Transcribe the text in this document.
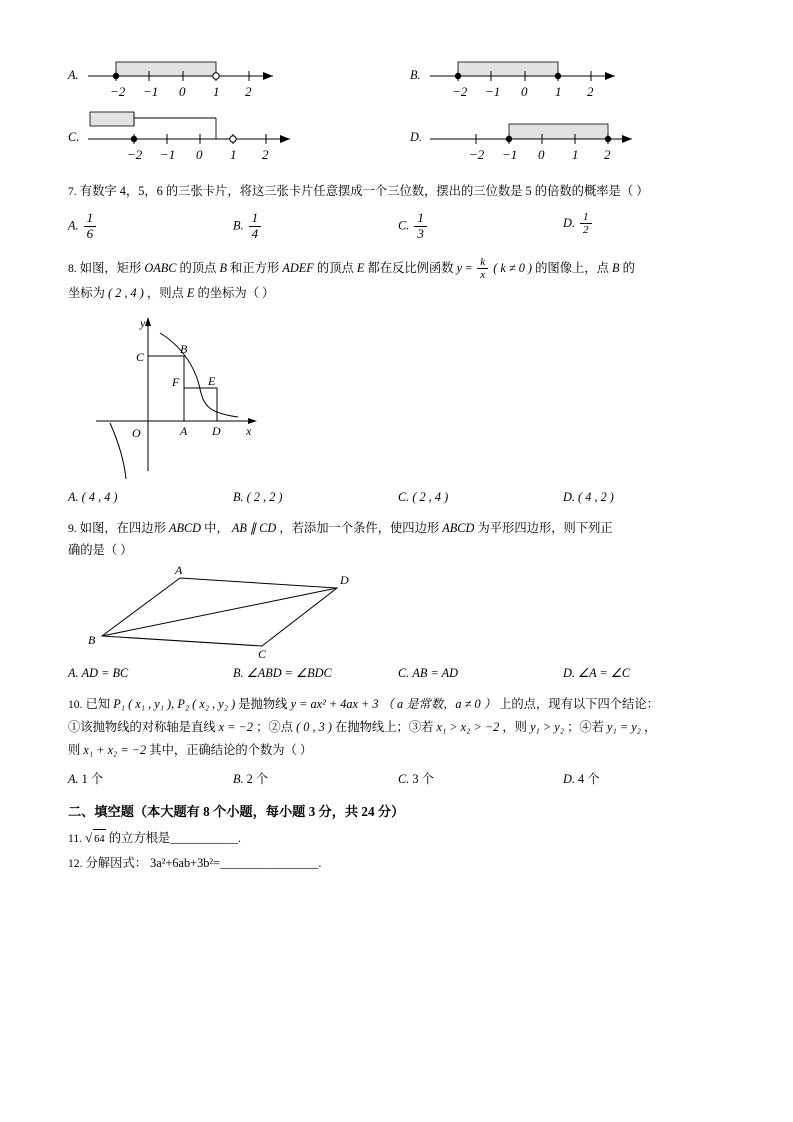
A.
−2 −1 0 1 2
B.
−2 −1 0 1 2
C.
−2 −1 0 1 2
D.
−2 −1 0 1 2
7. 有数字 4，5，6 的三张卡片，将这三张卡片任意摆成一个三位数，摆出的三位数是 5 的倍数的概率是（ ）
A. $\frac{1}{6}$	B. $\frac{1}{4}$	C. $\frac{1}{3}$	D. $\frac{1}{2}$
8. 如图，矩形 OABC 的顶点 B 和正方形 ADEF 的顶点 E 都在反比例函数 $y = \frac{k}{x}$ ( k ≠ 0 ) 的图像上，点 B 的
坐标为 ( 2 , 4 ) ，则点 E 的坐标为（ ）
C
B
F E
A D
O
y
x
A. ( 4 , 4 )	B. ( 2 , 2 )	C. ( 2 , 4 )	D. ( 4 , 2 )
9. 如图，在四边形 ABCD 中， AB ∥ CD ，若添加一个条件，使四边形 ABCD 为平形四边形，则下列正
确的是（ ）
A
D
B
C
A. AD = BC	B. ∠ABD = ∠BDC	C. AB = AD	D. ∠A = ∠C
10. 已知 P₁ ( x₁ , y₁ ), P₂ ( x₂ , y₂ ) 是抛物线 y = ax² + 4ax + 3 （ a 是常数，a ≠ 0 ） 上的点，现有以下四个结论：
①该抛物线的对称轴是直线 x = −2 ；②点 ( 0 , 3 ) 在抛物线上；③若 x₁ > x₂ > −2 ，则 y₁ > y₂ ；④若 y₁ = y₂ ，
则 x₁ + x₂ = −2 其中，正确结论的个数为（ ）
A. 1 个	B. 2 个	C. 3 个	D. 4 个
二、填空题（本大题有 8 个小题，每小题 3 分，共 24 分）
11. √ 64 的立方根是___________.
12. 分解因式： 3a²+6ab+3b²=________________.
